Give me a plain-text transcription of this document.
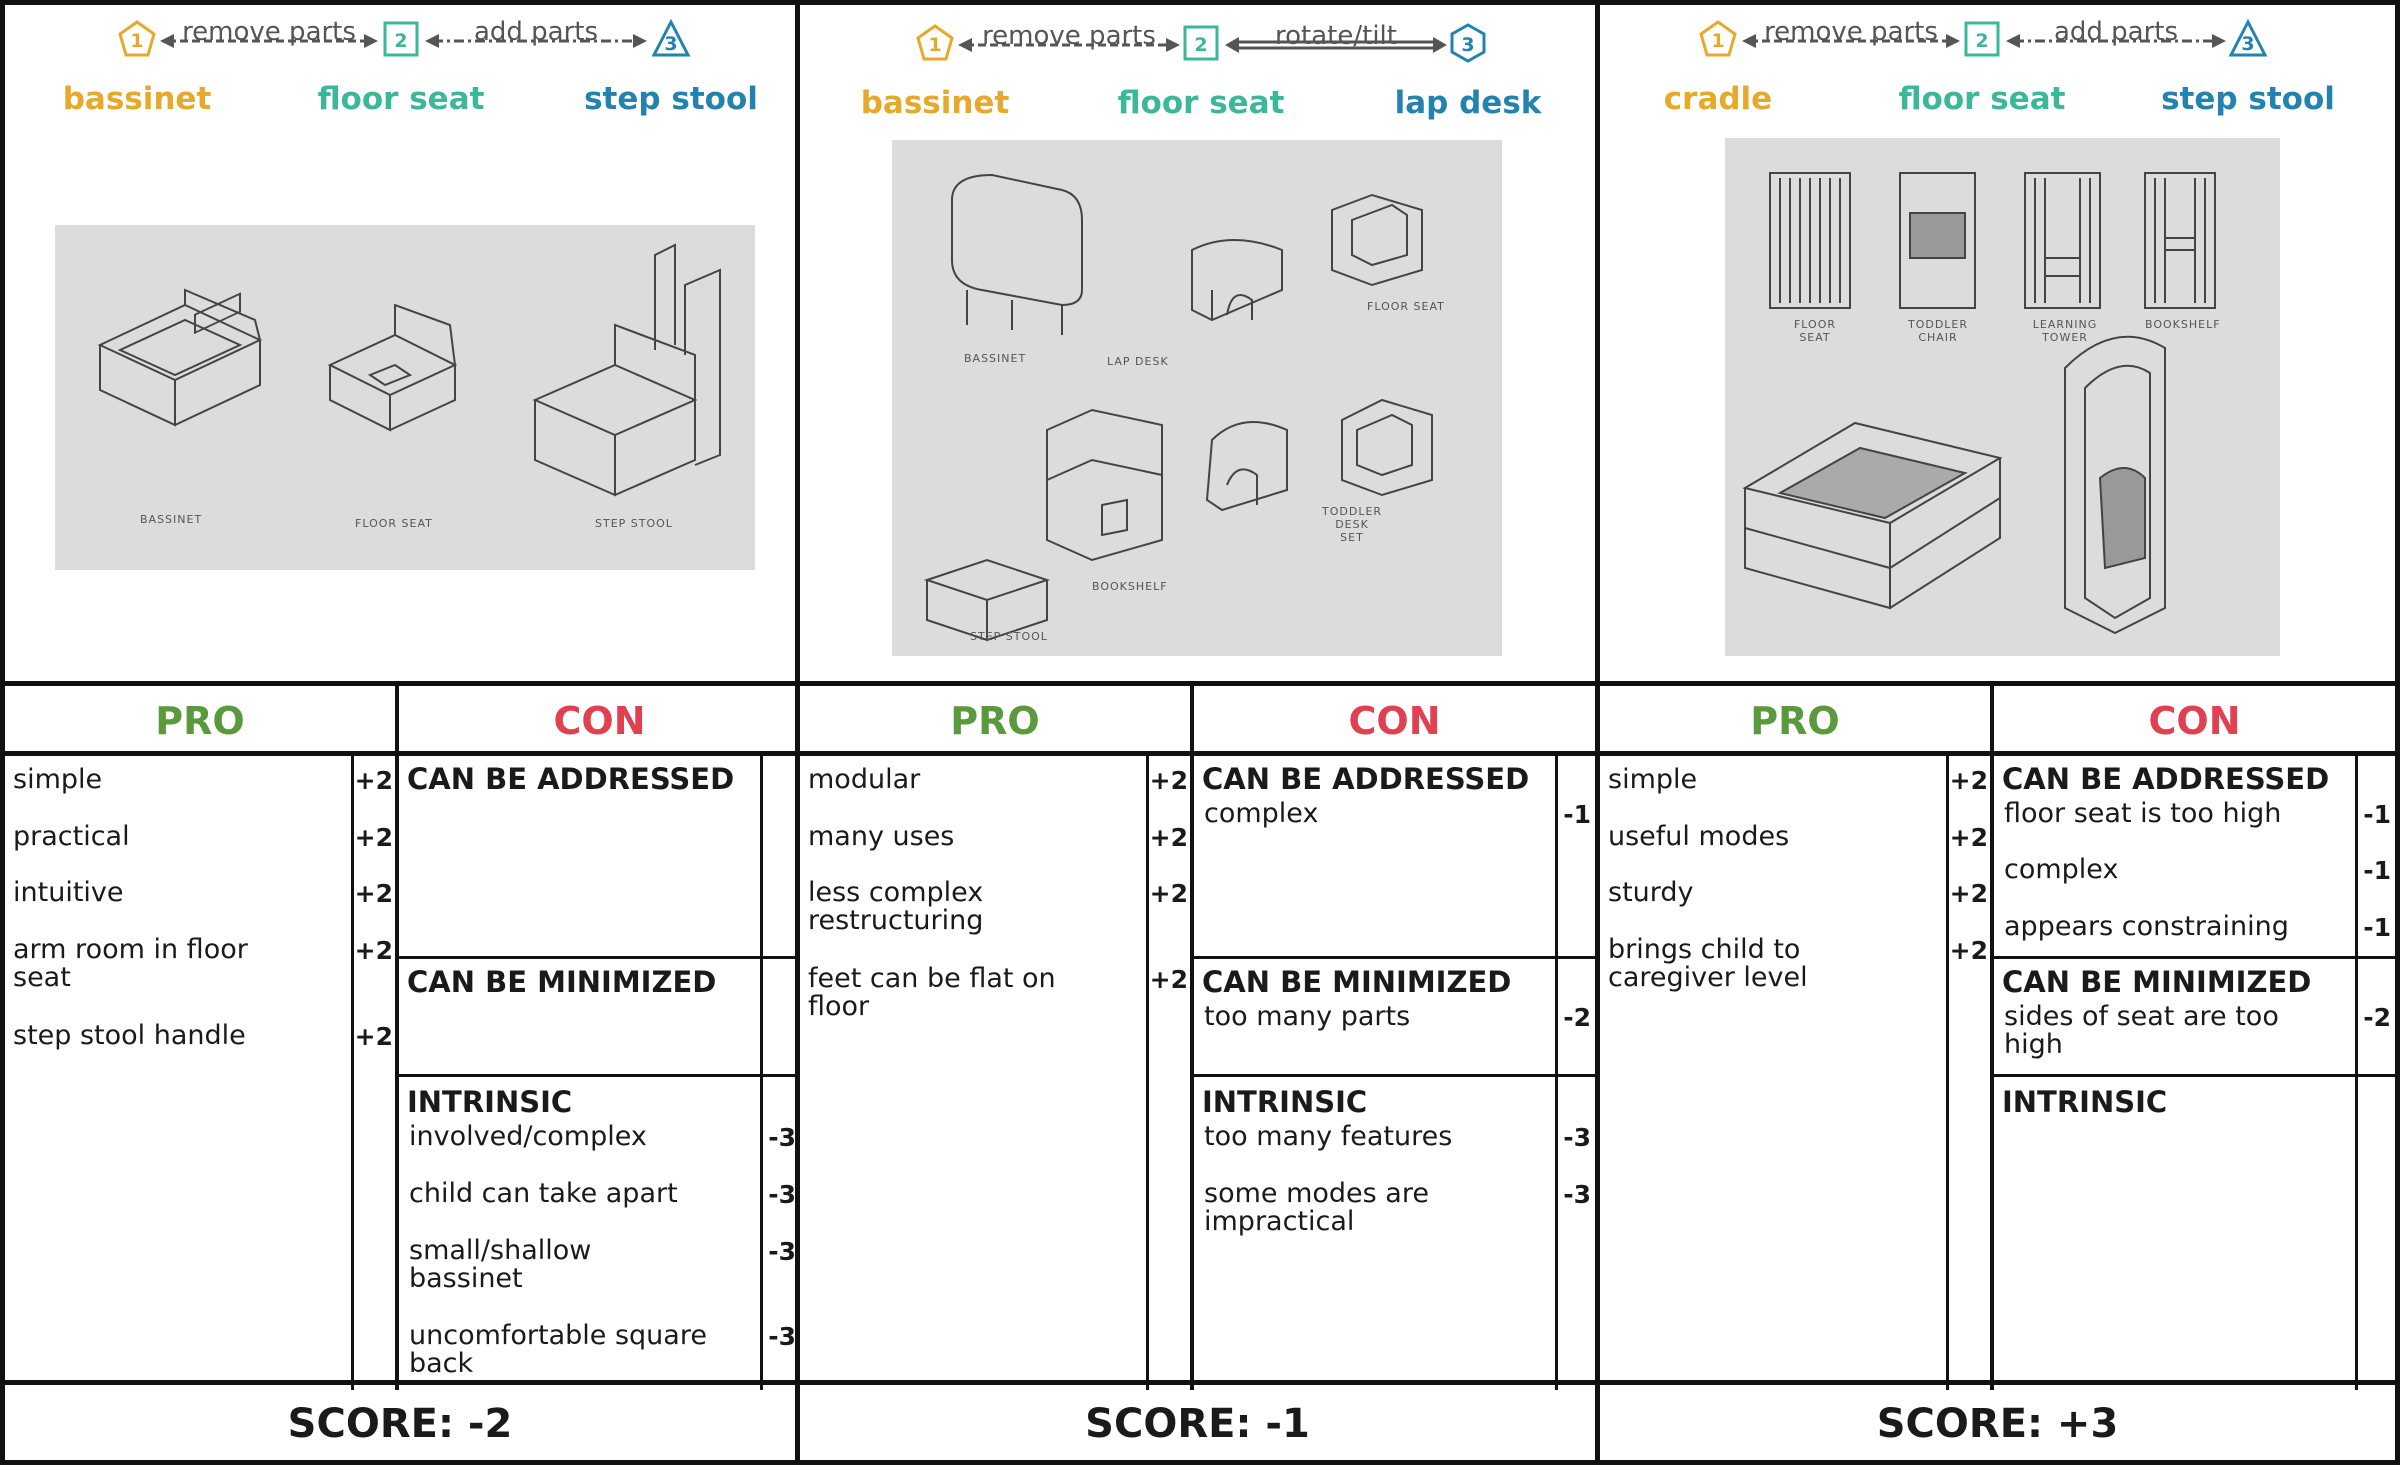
1
bassinet
remove parts	2
floor seat
add parts	3
step stool
BASSINET	FLOOR SEAT	STEP STOOL
PRO	CON
simple	+2
practical	+2
intuitive	+2
arm room in floor seat
+2
step stool handle	+2
CAN BE ADDRESSED
CAN BE MINIMIZED
INTRINSIC
involved/complex	-3
child can take apart	-3
small/shallow bassinet
-3
uncomfortable square back
-3
SCORE: -2
1
bassinet
remove parts	2
floor seat
rotate/tilt	3
lap desk
BASSINET	LAP DESK
FLOOR SEAT
BOOKSHELF
TODDLER DESK SET
STEP STOOL
PRO	CON
modular	+2
many uses	+2
less complex restructuring
+2
feet can be flat on floor
+2
CAN BE ADDRESSED
complex	-1
CAN BE MINIMIZED
too many parts	-2
INTRINSIC
too many features	-3
some modes are impractical
-3
SCORE: -1
1
cradle
remove parts	2
floor seat
add parts	3
step stool
FLOOR SEAT
TODDLER CHAIR
LEARNING TOWER
BOOKSHELF
PRO	CON
simple	+2
useful modes	+2
sturdy	+2
brings child to caregiver level
+2
CAN BE ADDRESSED
floor seat is too high	-1
complex	-1
appears constraining	-1
CAN BE MINIMIZED
sides of seat are too high
-2
INTRINSIC
SCORE: +3
